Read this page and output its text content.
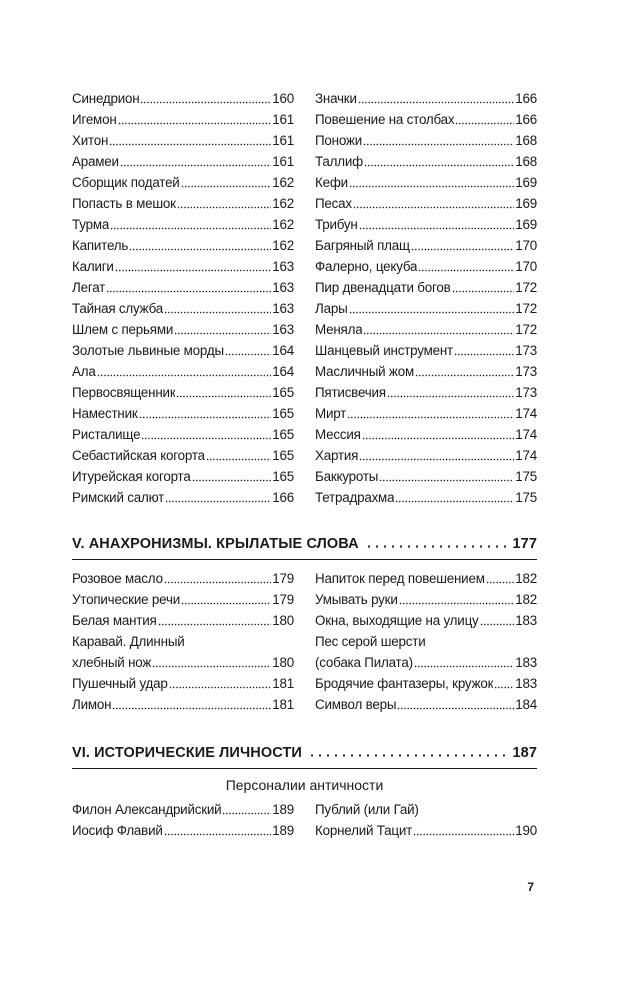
Синедрион	160
Игемон	161
Хитон	161
Арамеи	161
Сборщик податей	162
Попасть в мешок	162
Турма	162
Капитель	162
Калиги	163
Легат	163
Тайная служба	163
Шлем с перьями	163
Золотые львиные морды	164
Ала	164
Первосвященник	165
Наместник	165
Ристалище	165
Себастийская когорта	165
Итурейская когорта	165
Римский салют	166
Значки	166
Повешение на столбах	166
Поножи	168
Таллиф	168
Кефи	169
Песах	169
Трибун	169
Багряный плащ	170
Фалерно, цекуба	170
Пир двенадцати богов	172
Лары	172
Меняла	172
Шанцевый инструмент	173
Масличный жом	173
Пятисвечия	173
Мирт	174
Мессия	174
Хартия	174
Баккуроты	175
Тетрадрахма	175
V. АНАХРОНИЗМЫ. КРЫЛАТЫЕ СЛОВА	177
Розовое масло	179
Утопические речи	179
Белая мантия	180
Каравай. Длинный
хлебный нож	180
Пушечный удар	181
Лимон	181
Напиток перед повешением 182
Умывать руки	182
Окна, выходящие на улицу	183
Пес серой шерсти
(собака Пилата)	183
Бродячие фантазеры, кружок 183
Символ веры	184
VI. ИСТОРИЧЕСКИЕ ЛИЧНОСТИ	187
Персоналии античности
Филон Александрийский	189
Иосиф Флавий	189
Публий (или Гай)
Корнелий Тацит	190
7
